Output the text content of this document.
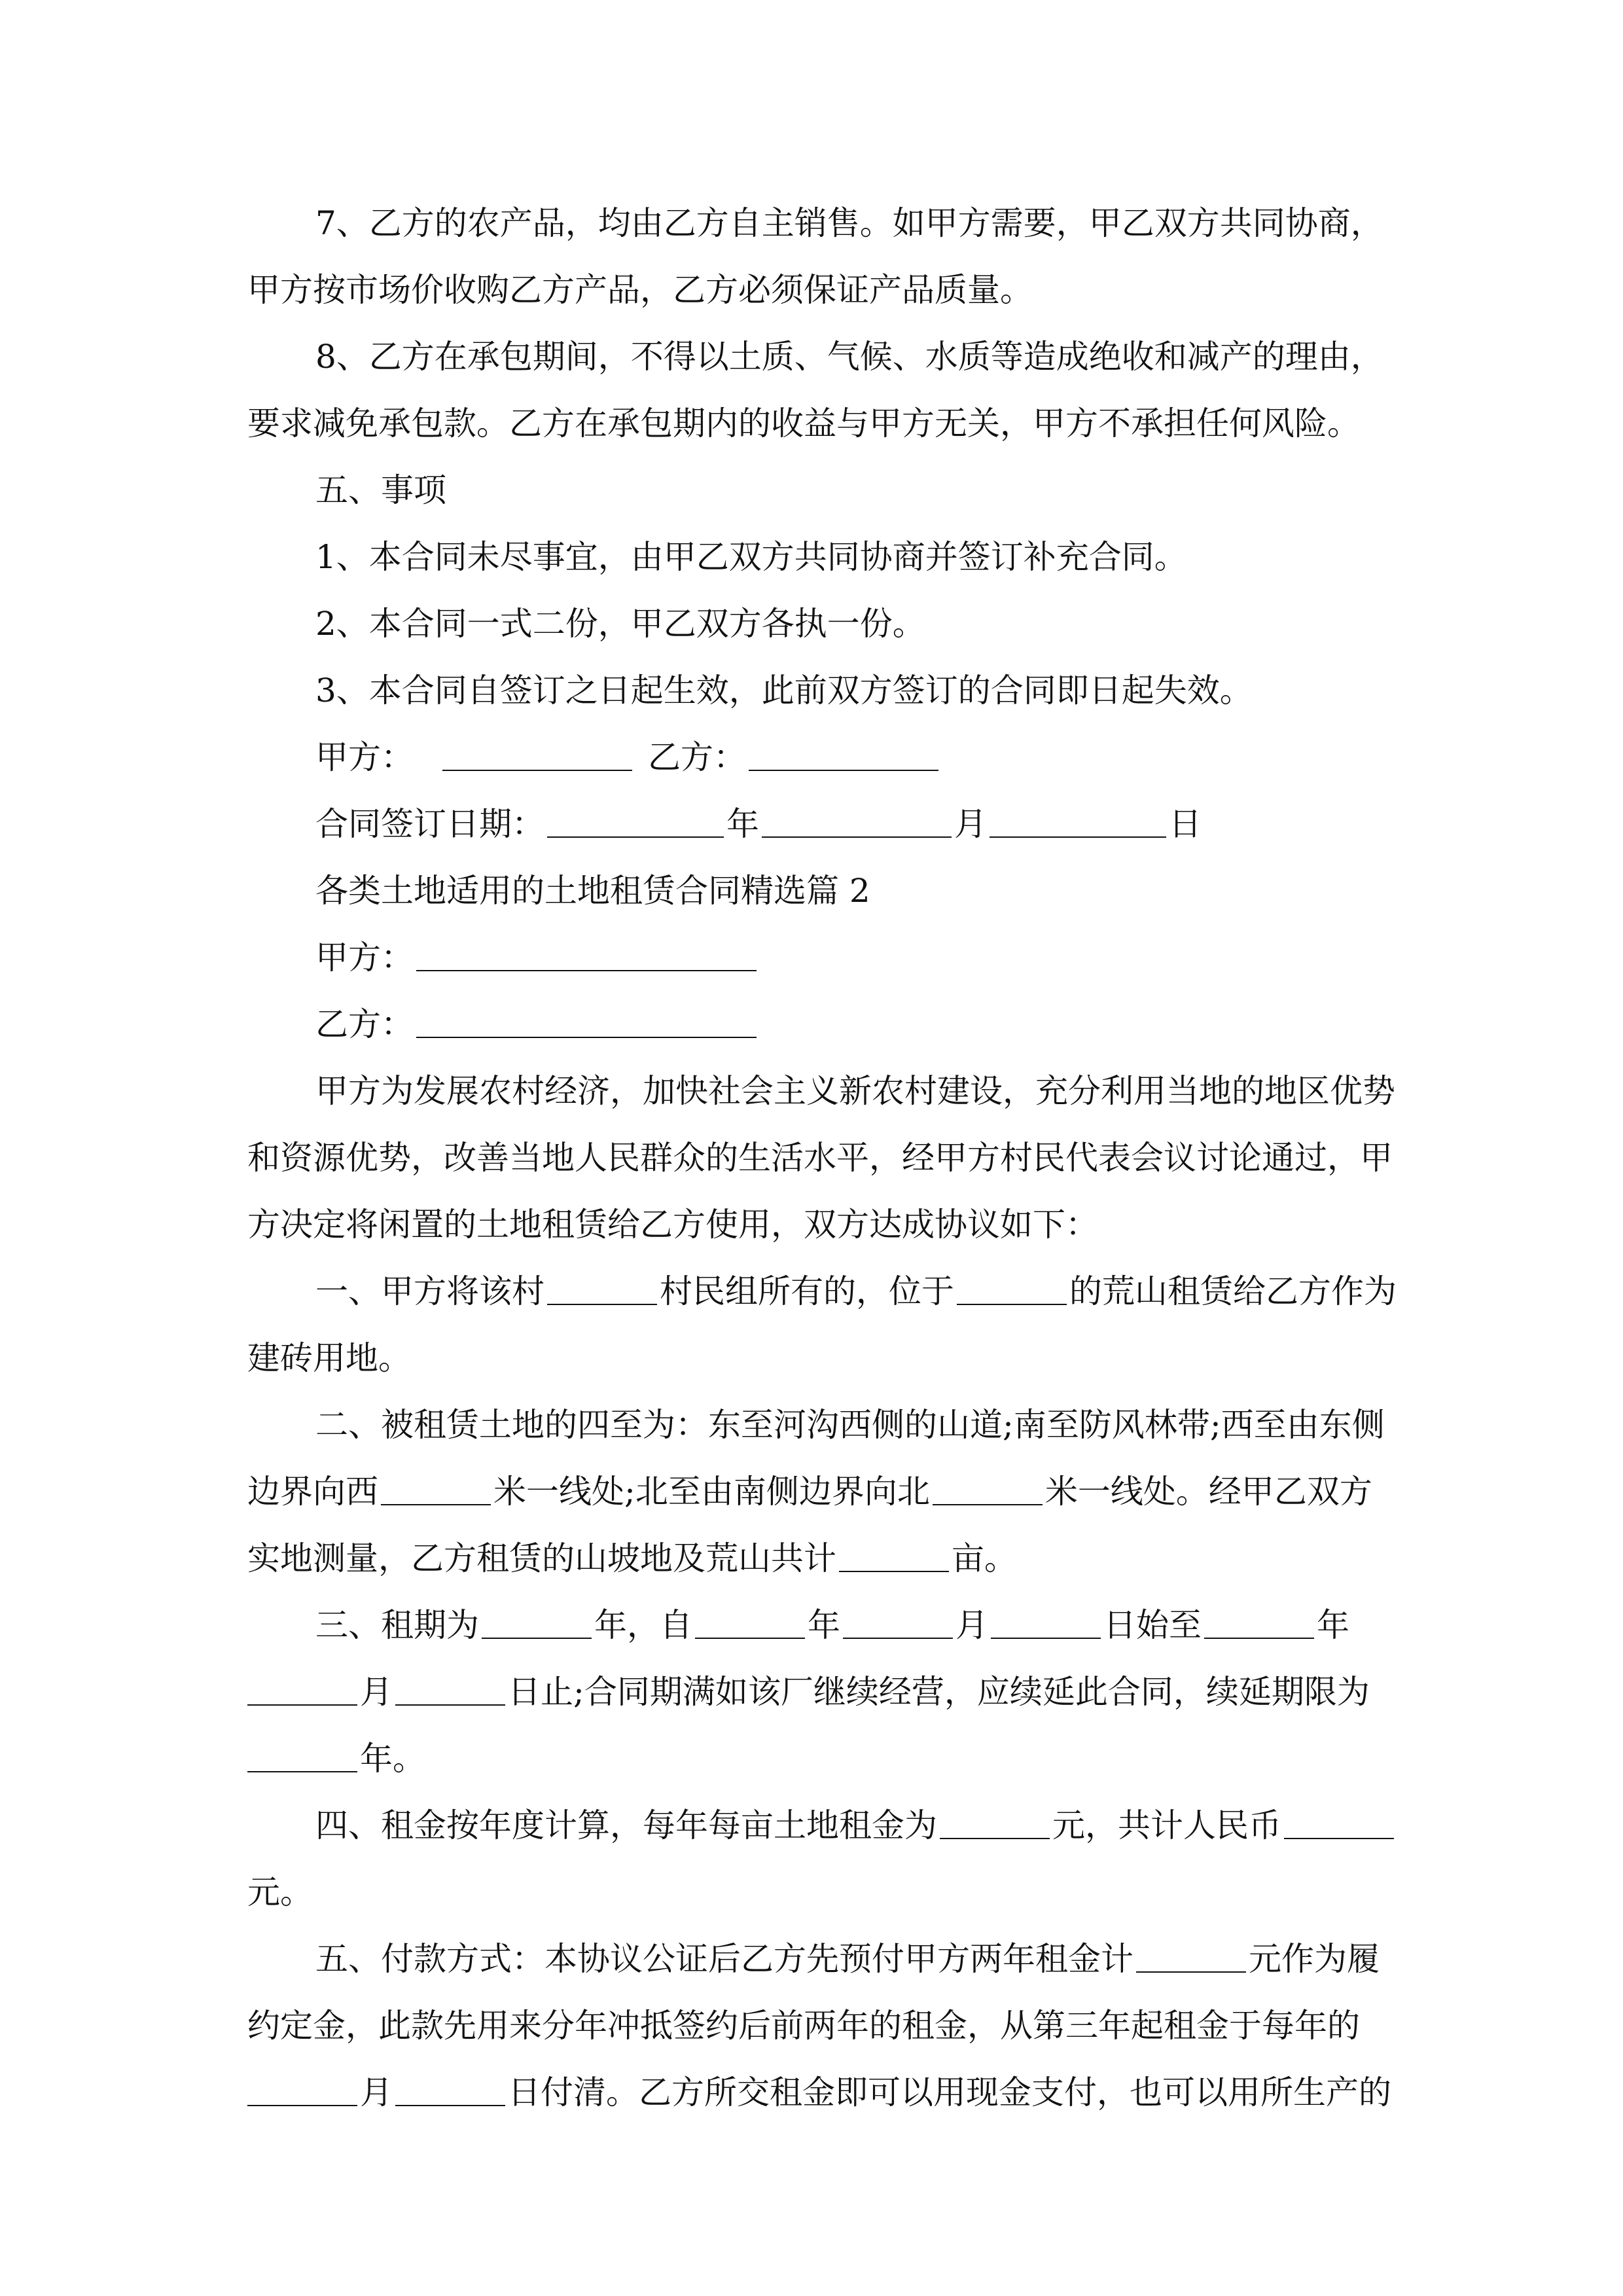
7、乙方的农产品，均由乙方自主销售。如甲方需要，甲乙双方共同协商，

甲方按市场价收购乙方产品，乙方必须保证产品质量。

8、乙方在承包期间，不得以土质、气候、水质等造成绝收和减产的理由，

要求减免承包款。乙方在承包期内的收益与甲方无关，甲方不承担任何风险。

五、事项

1、本合同未尽事宜，由甲乙双方共同协商并签订补充合同。

2、本合同一式二份，甲乙双方各执一份。

3、本合同自签订之日起生效，此前双方签订的合同即日起失效。

甲方：	乙方：

合同签订日期：	年	月	日

各类土地适用的土地租赁合同精选篇 2

甲方：

乙方：

甲方为发展农村经济，加快社会主义新农村建设，充分利用当地的地区优势

和资源优势，改善当地人民群众的生活水平，经甲方村民代表会议讨论通过，甲

方决定将闲置的土地租赁给乙方使用，双方达成协议如下：

一、甲方将该村	村民组所有的，位于	的荒山租赁给乙方作为

建砖用地。

二、被租赁土地的四至为：东至河沟西侧的山道;南至防风林带;西至由东侧

边界向西	米一线处;北至由南侧边界向北	米一线处。经甲乙双方

实地测量，乙方租赁的山坡地及荒山共计	亩。

三、租期为	年，自	年	月	日始至	年

月	日止;合同期满如该厂继续经营，应续延此合同，续延期限为

年。

四、租金按年度计算，每年每亩土地租金为	元，共计人民币

元。

五、付款方式：本协议公证后乙方先预付甲方两年租金计	元作为履

约定金，此款先用来分年冲抵签约后前两年的租金，从第三年起租金于每年的

月	日付清。乙方所交租金即可以用现金支付，也可以用所生产的
